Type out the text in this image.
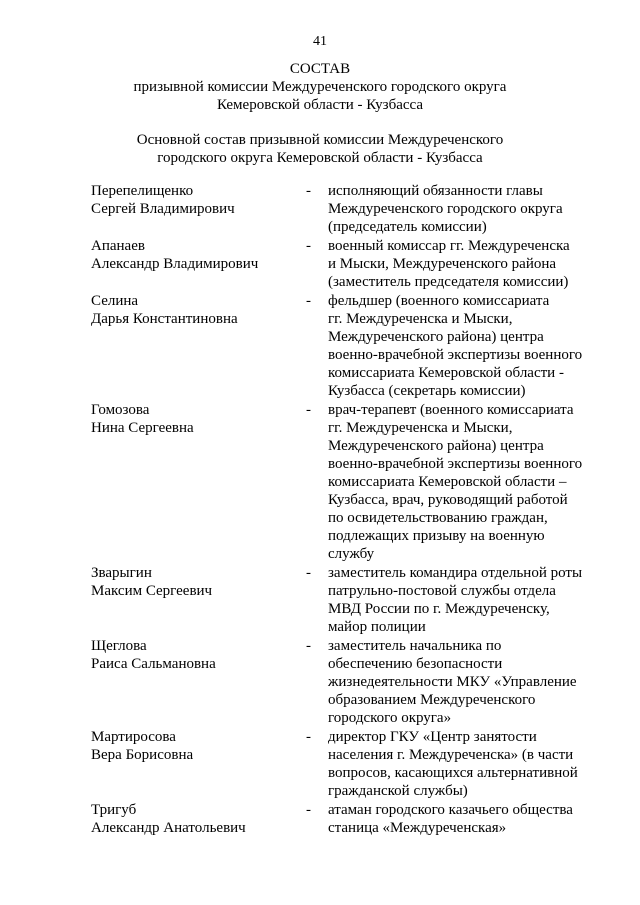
41
СОСТАВ
призывной комиссии Междуреченского городского округа
Кемеровской области - Кузбасса
Основной состав призывной комиссии Междуреченского
городского округа Кемеровской области - Кузбасса
Перепелищенко
Сергей Владимирович
- исполняющий обязанности главы
Междуреченского городского округа
(председатель комиссии)
Апанаев
Александр Владимирович
- военный комиссар гг. Междуреченска
и Мыски, Междуреченского района
(заместитель председателя комиссии)
Селина
Дарья Константиновна
- фельдшер (военного комиссариата
гг. Междуреченска и Мыски,
Междуреченского района) центра
военно-врачебной экспертизы военного
комиссариата Кемеровской области -
Кузбасса (секретарь комиссии)
Гомозова
Нина Сергеевна
- врач-терапевт (военного комиссариата
гг. Междуреченска и Мыски,
Междуреченского района) центра
военно-врачебной экспертизы военного
комиссариата Кемеровской области –
Кузбасса, врач, руководящий работой
по освидетельствованию граждан,
подлежащих призыву на военную
службу
Зварыгин
Максим Сергеевич
- заместитель командира отдельной роты
патрульно-постовой службы отдела
МВД России по г. Междуреченску,
майор полиции
Щеглова
Раиса Сальмановна
- заместитель начальника по
обеспечению безопасности
жизнедеятельности МКУ «Управление
образованием Междуреченского
городского округа»
Мартиросова
Вера Борисовна
- директор ГКУ «Центр занятости
населения г. Междуреченска» (в части
вопросов, касающихся альтернативной
гражданской службы)
Тригуб
Александр Анатольевич
- атаман городского казачьего общества
станица «Междуреченская»
